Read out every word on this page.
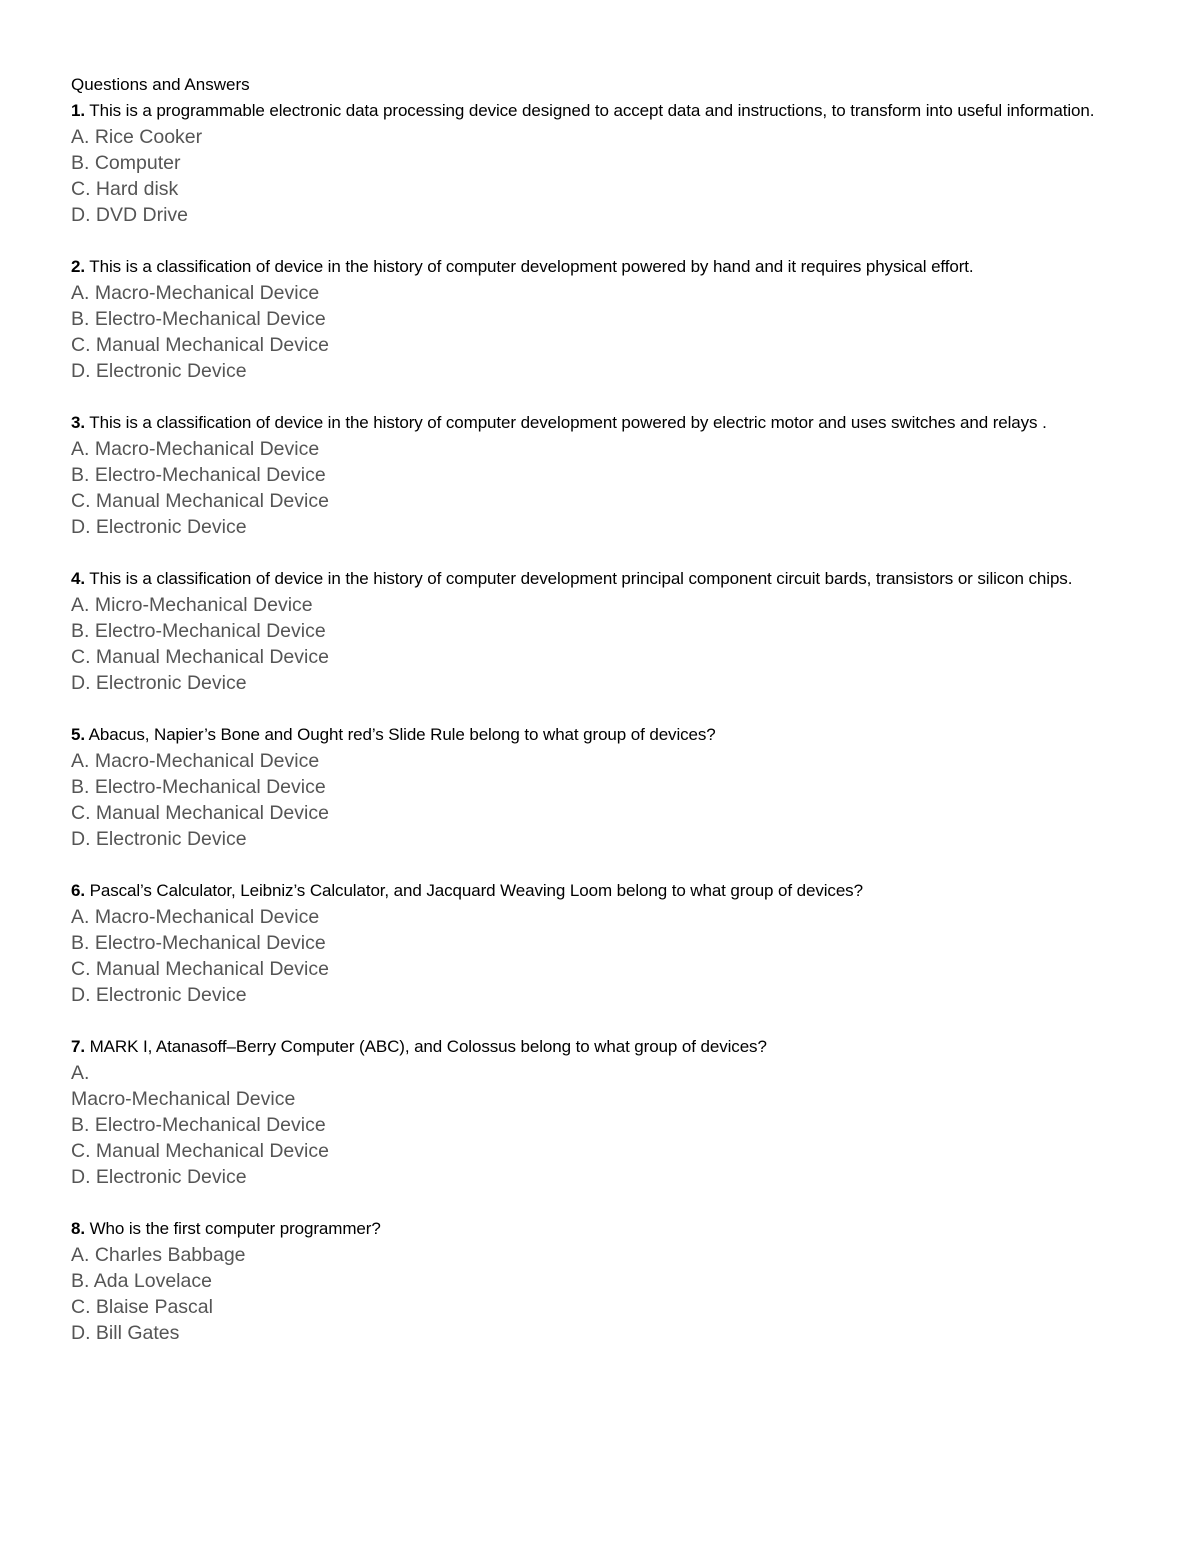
Questions and Answers
1. This is a programmable electronic data processing device designed to accept data and instructions, to transform into useful information.
A. Rice Cooker
B. Computer
C. Hard disk
D. DVD Drive
2. This is a classification of device in the history of computer development powered by hand and it requires physical effort.
A. Macro-Mechanical Device
B. Electro-Mechanical Device
C. Manual Mechanical Device
D. Electronic Device
3. This is a classification of device in the history of computer development powered by electric motor and uses switches and relays .
A. Macro-Mechanical Device
B. Electro-Mechanical Device
C. Manual Mechanical Device
D. Electronic Device
4. This is a classification of device in the history of computer development principal component circuit bards, transistors or silicon chips.
A. Micro-Mechanical Device
B. Electro-Mechanical Device
C. Manual Mechanical Device
D. Electronic Device
5. Abacus, Napier’s Bone and Ought red’s Slide Rule belong to what group of devices?
A. Macro-Mechanical Device
B. Electro-Mechanical Device
C. Manual Mechanical Device
D. Electronic Device
6. Pascal’s Calculator, Leibniz’s Calculator, and Jacquard Weaving Loom belong to what group of devices?
A. Macro-Mechanical Device
B. Electro-Mechanical Device
C. Manual Mechanical Device
D. Electronic Device
7. MARK I, Atanasoff–Berry Computer (ABC), and Colossus belong to what group of devices?
A.
Macro-Mechanical Device
B. Electro-Mechanical Device
C. Manual Mechanical Device
D. Electronic Device
8. Who is the first computer programmer?
A. Charles Babbage
B. Ada Lovelace
C. Blaise Pascal
D. Bill Gates
